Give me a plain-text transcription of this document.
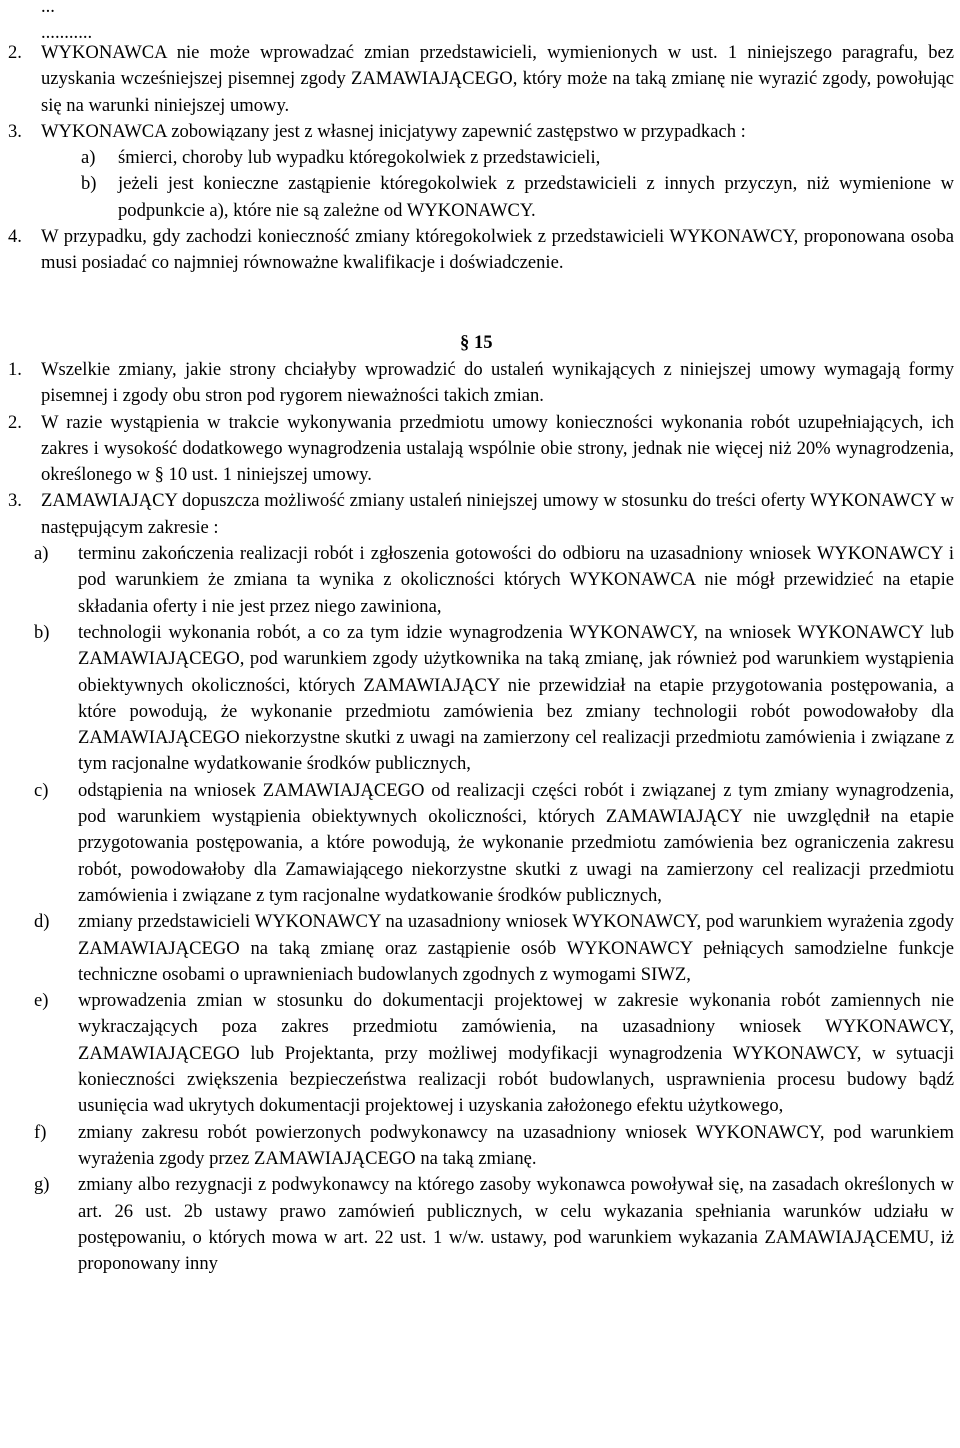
...
...........
2. WYKONAWCA nie może wprowadzać zmian przedstawicieli, wymienionych w ust. 1 niniejszego paragrafu, bez uzyskania wcześniejszej pisemnej zgody ZAMAWIAJĄCEGO, który może na taką zmianę nie wyrazić zgody, powołując się na warunki niniejszej umowy.
3. WYKONAWCA zobowiązany jest z własnej inicjatywy zapewnić zastępstwo w przypadkach :
a)	śmierci, choroby lub wypadku któregokolwiek z przedstawicieli,
b)	jeżeli jest konieczne zastąpienie któregokolwiek z przedstawicieli z innych przyczyn, niż wymienione w podpunkcie a), które nie są zależne od WYKONAWCY.
4. W przypadku, gdy zachodzi konieczność zmiany któregokolwiek z przedstawicieli WYKONAWCY, proponowana osoba musi posiadać co najmniej równoważne kwalifikacje i doświadczenie.
§ 15
1. Wszelkie zmiany, jakie strony chciałyby wprowadzić do ustaleń wynikających z niniejszej umowy wymagają formy pisemnej i zgody obu stron pod rygorem nieważności takich zmian.
2. W razie wystąpienia w trakcie wykonywania przedmiotu umowy konieczności wykonania robót uzupełniających, ich zakres i wysokość dodatkowego wynagrodzenia ustalają wspólnie obie strony, jednak nie więcej niż 20% wynagrodzenia, określonego w § 10 ust. 1 niniejszej umowy.
3. ZAMAWIAJĄCY dopuszcza możliwość zmiany ustaleń niniejszej umowy w stosunku do treści oferty WYKONAWCY w następującym zakresie :
a)	terminu zakończenia realizacji robót i zgłoszenia gotowości do odbioru na uzasadniony wniosek WYKONAWCY i pod warunkiem że zmiana ta wynika z okoliczności których WYKONAWCA nie mógł przewidzieć na etapie składania oferty i nie jest przez niego zawiniona,
b)	technologii wykonania robót, a co za tym idzie wynagrodzenia WYKONAWCY, na wniosek WYKONAWCY lub ZAMAWIAJĄCEGO, pod warunkiem zgody użytkownika na taką zmianę, jak również pod warunkiem wystąpienia obiektywnych okoliczności, których ZAMAWIAJĄCY nie przewidział na etapie przygotowania postępowania, a które powodują, że wykonanie przedmiotu zamówienia bez zmiany technologii robót powodowałoby dla ZAMAWIAJĄCEGO niekorzystne skutki z uwagi na zamierzony cel realizacji przedmiotu zamówienia i związane z tym racjonalne wydatkowanie środków publicznych,
c)	odstąpienia na wniosek ZAMAWIAJĄCEGO od realizacji części robót i związanej z tym zmiany wynagrodzenia, pod warunkiem wystąpienia obiektywnych okoliczności, których ZAMAWIAJĄCY nie uwzględnił na etapie przygotowania postępowania, a które powodują, że wykonanie przedmiotu zamówienia bez ograniczenia zakresu robót, powodowałoby dla Zamawiającego niekorzystne skutki z uwagi na zamierzony cel realizacji przedmiotu zamówienia i związane z tym racjonalne wydatkowanie środków publicznych,
d)	zmiany przedstawicieli WYKONAWCY na uzasadniony wniosek WYKONAWCY, pod warunkiem wyrażenia zgody ZAMAWIAJĄCEGO na taką zmianę oraz zastąpienie osób WYKONAWCY pełniących samodzielne funkcje techniczne osobami o uprawnieniach budowlanych zgodnych z wymogami SIWZ,
e)	wprowadzenia zmian w stosunku do dokumentacji projektowej w zakresie wykonania robót zamiennych nie wykraczających poza zakres przedmiotu zamówienia, na uzasadniony wniosek WYKONAWCY, ZAMAWIAJĄCEGO lub Projektanta, przy możliwej modyfikacji wynagrodzenia WYKONAWCY, w sytuacji konieczności zwiększenia bezpieczeństwa realizacji robót budowlanych, usprawnienia procesu budowy bądź usunięcia wad ukrytych dokumentacji projektowej i uzyskania założonego efektu użytkowego,
f)	zmiany zakresu robót powierzonych podwykonawcy na uzasadniony wniosek WYKONAWCY, pod warunkiem wyrażenia zgody przez ZAMAWIAJĄCEGO na taką zmianę.
g)	zmiany albo rezygnacji z podwykonawcy na którego zasoby wykonawca powoływał się, na zasadach określonych w art. 26 ust. 2b ustawy prawo zamówień publicznych, w celu wykazania spełniania warunków udziału w postępowaniu, o których mowa w art. 22 ust. 1 w/w. ustawy, pod warunkiem wykazania ZAMAWIAJĄCEMU, iż proponowany inny
